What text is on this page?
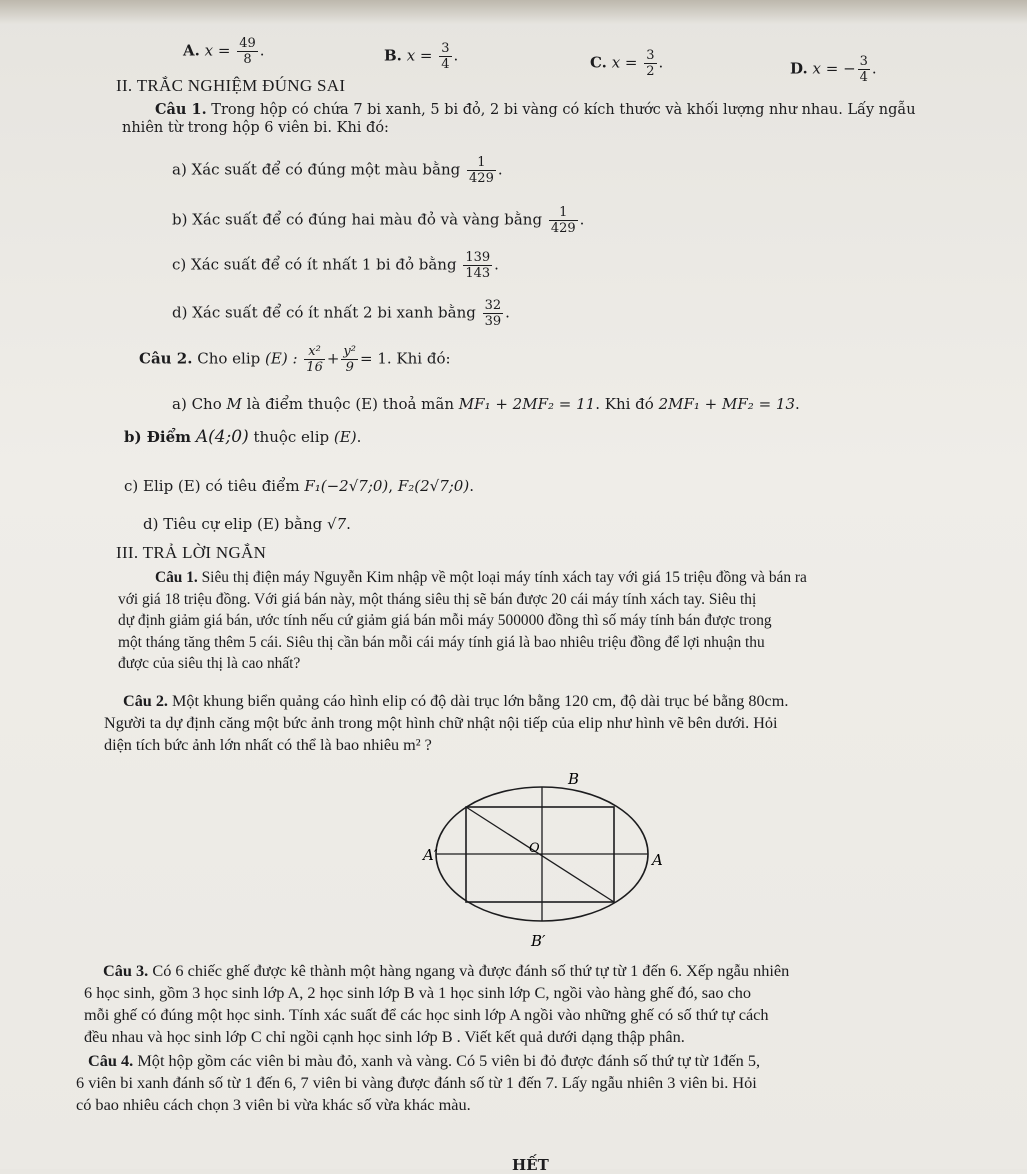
A. $x = \frac{49}{8}$ .	B. $x = \frac{3}{4}$ .	C. $x = \frac{3}{2}$ .	D. x = − $\frac{3}{4}$ .
II. TRẮC NGHIỆM ĐÚNG SAI
Câu 1. Trong hộp có chứa 7 bi xanh, 5 bi đỏ, 2 bi vàng có kích thước và khối lượng như nhau. Lấy ngẫu
nhiên từ trong hộp 6 viên bi. Khi đó:
a) Xác suất để có đúng một màu bằng $\frac{1}{429}$ .
b) Xác suất để có đúng hai màu đỏ và vàng bằng $\frac{1}{429}$ .
c) Xác suất để có ít nhất 1 bi đỏ bằng $\frac{139}{143}$ .
d) Xác suất để có ít nhất 2 bi xanh bằng $\frac{32}{39}$ .
Câu 2. Cho elip (E) : $\frac{\text{x²}}{16} + \frac{\text{y²}}{9} = 1$. Khi đó:
a) Cho M là điểm thuộc (E) thoả mãn MF₁ + 2MF₂ = 11. Khi đó 2MF₁ + MF₂ = 13.
b) Điểm A(4;0) thuộc elip (E).
c) Elip (E) có tiêu điểm F₁(−2√7;0), F₂(2√7;0).
d) Tiêu cự elip (E) bằng √7.
III. TRẢ LỜI NGẮN
Câu 1. Siêu thị điện máy Nguyễn Kim nhập về một loại máy tính xách tay với giá 15 triệu đồng và bán ra
với giá 18 triệu đồng. Với giá bán này, một tháng siêu thị sẽ bán được 20 cái máy tính xách tay. Siêu thị
dự định giảm giá bán, ước tính nếu cứ giảm giá bán mỗi máy 500000 đồng thì số máy tính bán được trong
một tháng tăng thêm 5 cái. Siêu thị cần bán mỗi cái máy tính giá là bao nhiêu triệu đồng để lợi nhuận thu
được của siêu thị là cao nhất?
Câu 2. Một khung biển quảng cáo hình elip có độ dài trục lớn bằng 120 cm, độ dài trục bé bằng 80cm.
Người ta dự định căng một bức ảnh trong một hình chữ nhật nội tiếp của elip như hình vẽ bên dưới. Hỏi
diện tích bức ảnh lớn nhất có thể là bao nhiêu m² ?
B
A′	O
A
B′
Câu 3. Có 6 chiếc ghế được kê thành một hàng ngang và được đánh số thứ tự từ 1 đến 6. Xếp ngẫu nhiên
6 học sinh, gồm 3 học sinh lớp A, 2 học sinh lớp B và 1 học sinh lớp C, ngồi vào hàng ghế đó, sao cho
mỗi ghế có đúng một học sinh. Tính xác suất để các học sinh lớp A ngồi vào những ghế có số thứ tự cách
đều nhau và học sinh lớp C chỉ ngồi cạnh học sinh lớp B . Viết kết quả dưới dạng thập phân.
Câu 4. Một hộp gồm các viên bi màu đỏ, xanh và vàng. Có 5 viên bi đỏ được đánh số thứ tự từ 1đến 5,
6 viên bi xanh đánh số từ 1 đến 6, 7 viên bi vàng được đánh số từ 1 đến 7. Lấy ngẫu nhiên 3 viên bi. Hỏi
có bao nhiêu cách chọn 3 viên bi vừa khác số vừa khác màu.
HẾT
